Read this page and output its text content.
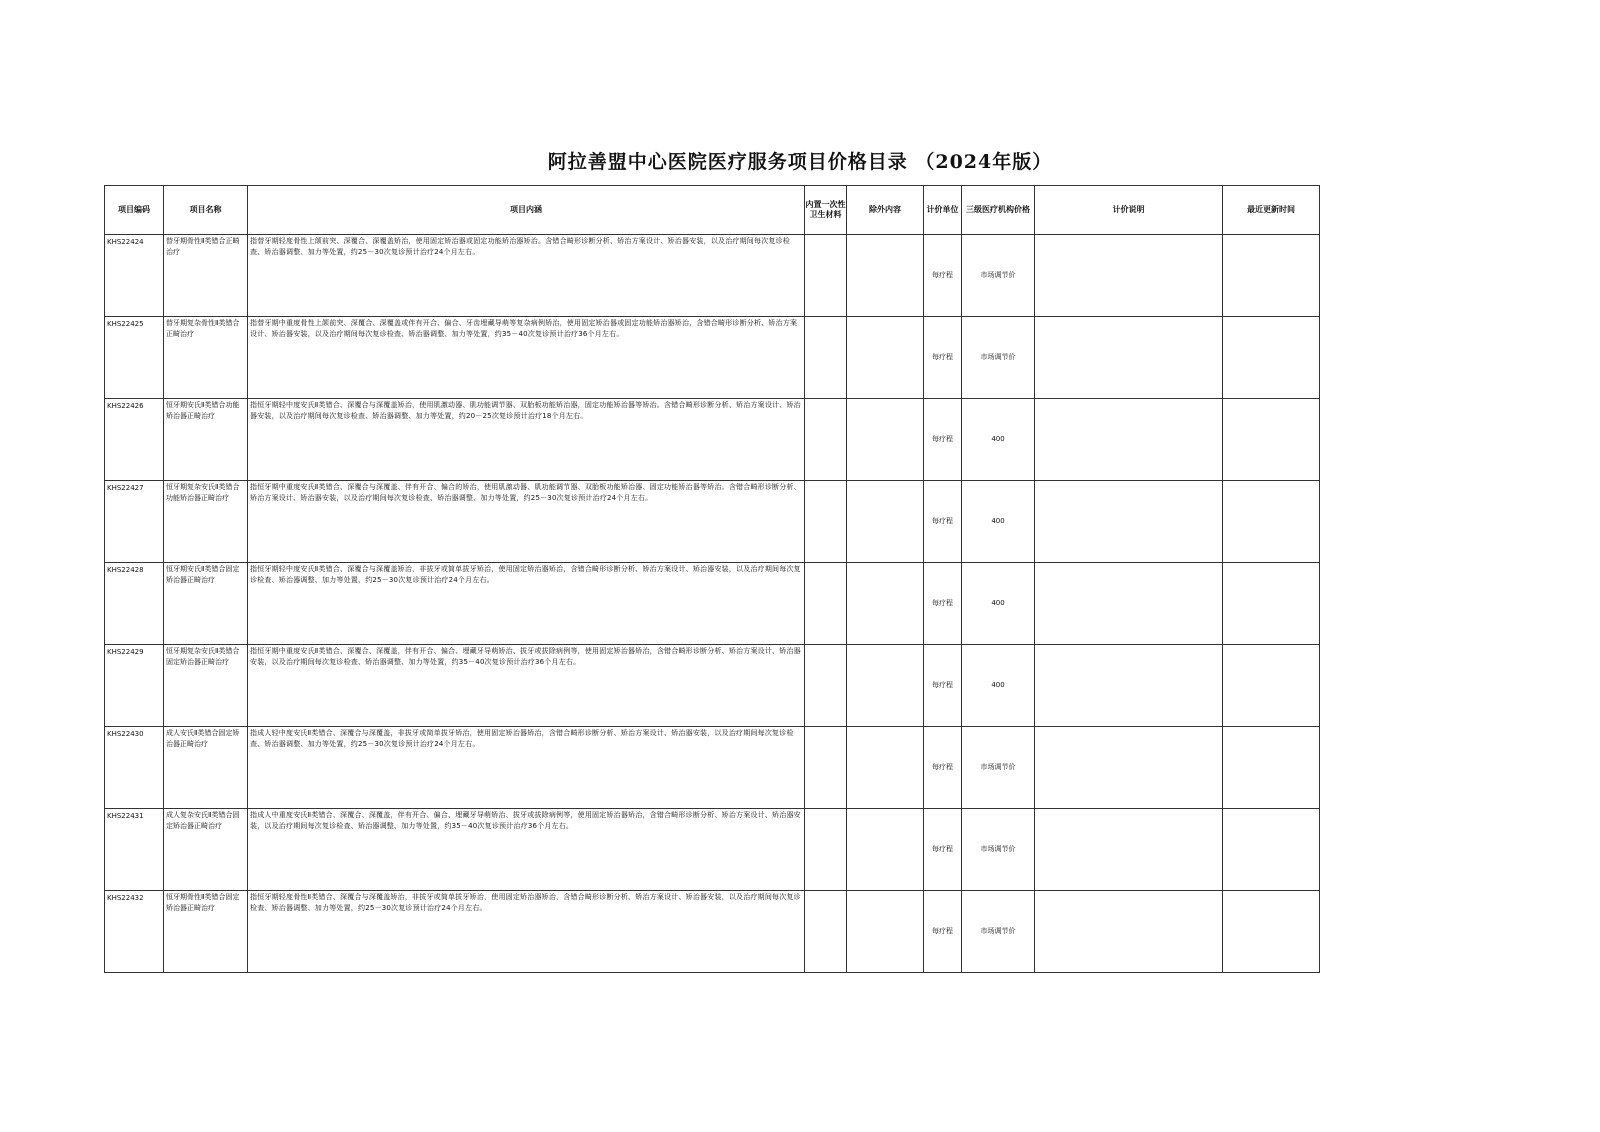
阿拉善盟中心医院医疗服务项目价格目录 （2024年版）
项目编码	项目名称	项目内涵	内置一次性卫生材料	除外内容	计价单位	三级医疗机构价格	计价说明	最近更新时间
KHS22424	替牙期骨性Ⅱ类错合正畸治疗	指替牙期轻度骨性上颌前突、深覆合、深覆盖矫治，使用固定矫治器或固定功能矫治器矫治。含错合畸形诊断分析、矫治方案设计、矫治器安装，以及治疗期间每次复诊检查、矫治器调整、加力等处置，约25－30次复诊预计治疗24个月左右。			每疗程	市场调节价		
KHS22425	替牙期复杂骨性Ⅱ类错合正畸治疗	指替牙期中重度骨性上颌前突、深覆合、深覆盖或伴有开合、偏合、牙齿埋藏导萌等复杂病例矫治，使用固定矫治器或固定功能矫治器矫治，含错合畸形诊断分析、矫治方案设计、矫治器安装，以及治疗期间每次复诊检查、矫治器调整、加力等处置，约35－40次复诊预计治疗36个月左右。			每疗程	市场调节价		
KHS22426	恒牙期安氏Ⅱ类错合功能矫治器正畸治疗	指恒牙期轻中度安氏Ⅱ类错合、深覆合与深覆盖矫治，使用肌激动器、肌功能调节器、双胎板功能矫治器，固定功能矫治器等矫治。含错合畸形诊断分析、矫治方案设计、矫治器安装，以及治疗期间每次复诊检查、矫治器调整、加力等处置，约20－25次复诊预计治疗18个月左右。			每疗程	400		
KHS22427	恒牙期复杂安氏Ⅱ类错合功能矫治器正畸治疗	指恒牙期中重度安氏Ⅱ类错合、深覆合与深覆盖、伴有开合、偏合的矫治，使用肌激动器、肌功能调节器、双胎板功能矫治器、固定功能矫治器等矫治。含错合畸形诊断分析、矫治方案设计、矫治器安装，以及治疗期间每次复诊检查、矫治器调整、加力等处置，约25－30次复诊预计治疗24个月左右。			每疗程	400		
KHS22428	恒牙期安氏Ⅱ类错合固定矫治器正畸治疗	指恒牙期轻中度安氏Ⅱ类错合、深覆合与深覆盖矫治，非拔牙或简单拔牙矫治，使用固定矫治器矫治，含错合畸形诊断分析、矫治方案设计、矫治器安装，以及治疗期间每次复诊检查、矫治器调整、加力等处置，约25－30次复诊预计治疗24个月左右。			每疗程	400		
KHS22429	恒牙期复杂安氏Ⅱ类错合固定矫治器正畸治疗	指恒牙期中重度安氏Ⅱ类错合、深覆合、深覆盖，伴有开合、偏合、埋藏牙导萌矫治、拔牙或拔除病例等，使用固定矫治器矫治，含错合畸形诊断分析、矫治方案设计、矫治器安装，以及治疗期间每次复诊检查、矫治器调整、加力等处置，约35－40次复诊预计治疗36个月左右。			每疗程	400		
KHS22430	成人安氏Ⅱ类错合固定矫治器正畸治疗	指成人轻中度安氏Ⅱ类错合、深覆合与深覆盖，非拔牙或简单拔牙矫治，使用固定矫治器矫治，含错合畸形诊断分析、矫治方案设计、矫治器安装，以及治疗期间每次复诊检查、矫治器调整、加力等处置，约25－30次复诊预计治疗24个月左右。			每疗程	市场调节价		
KHS22431	成人复杂安氏Ⅱ类错合固定矫治器正畸治疗	指成人中重度安氏Ⅱ类错合、深覆合、深覆盖，伴有开合、偏合、埋藏牙导萌矫治、拔牙或拔除病例等，使用固定矫治器矫治，含错合畸形诊断分析、矫治方案设计、矫治器安装，以及治疗期间每次复诊检查、矫治器调整、加力等处置，约35－40次复诊预计治疗36个月左右。			每疗程	市场调节价		
KHS22432	恒牙期骨性Ⅱ类错合固定矫治器正畸治疗	指恒牙期轻度骨性Ⅱ类错合、深覆合与深覆盖矫治，非拔牙或简单拔牙矫治，使用固定矫治器矫治，含错合畸形诊断分析、矫治方案设计、矫治器安装，以及治疗期间每次复诊检查、矫治器调整、加力等处置，约25－30次复诊预计治疗24个月左右。			每疗程	市场调节价		
